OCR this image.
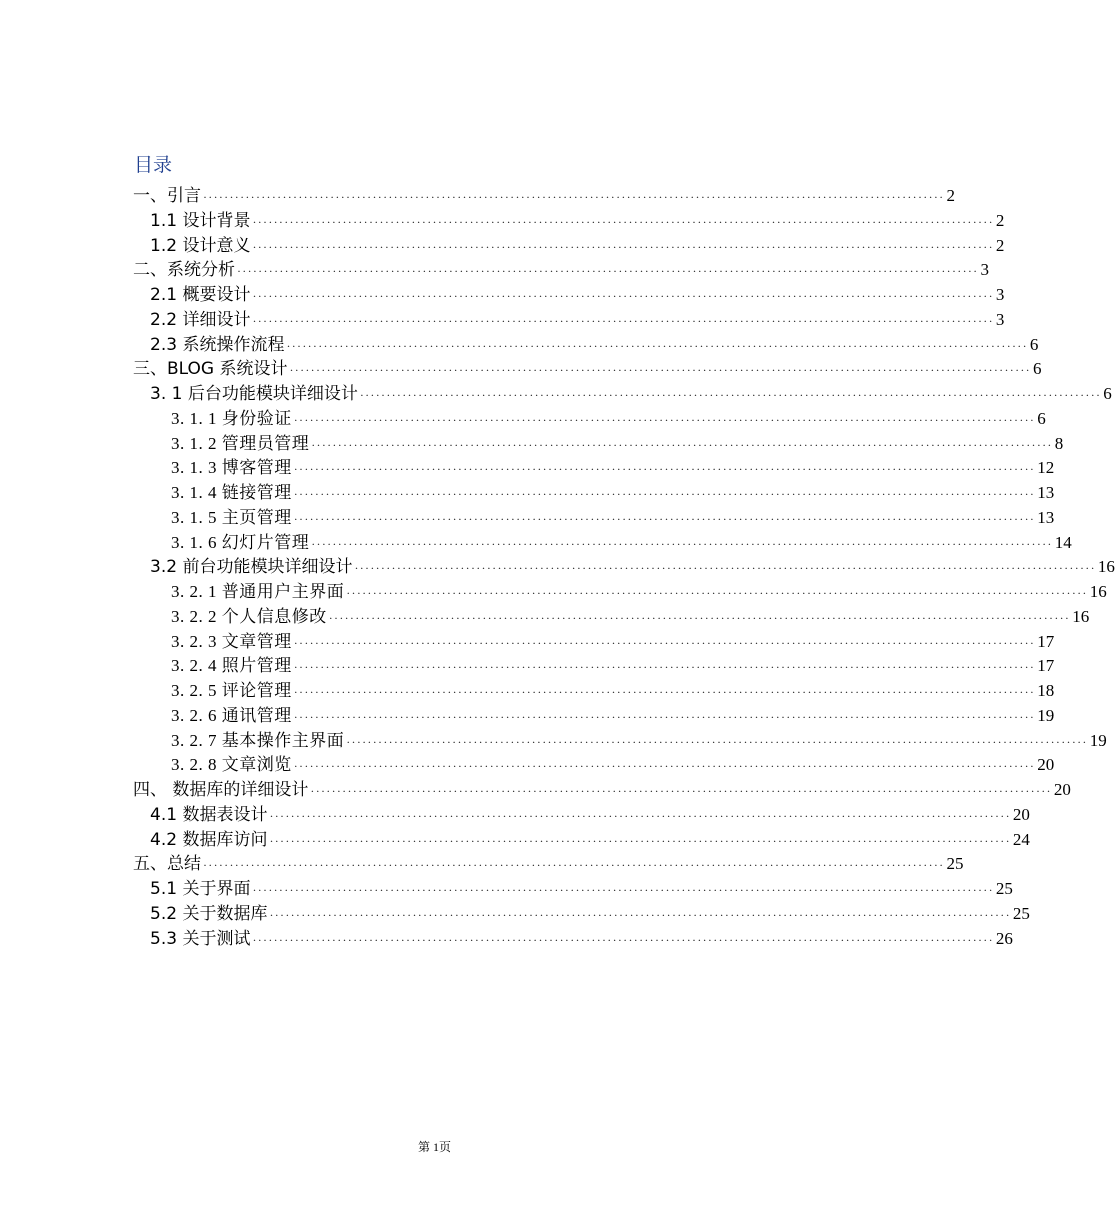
目录
一、引言 ············································································································································ 2
1.1 设计背景 ············································································································································ 2
1.2 设计意义 ············································································································································ 2
二、系统分析 ············································································································································ 3
2.1 概要设计 ············································································································································ 3
2.2 详细设计 ············································································································································ 3
2.3 系统操作流程 ············································································································································ 6
三、BLOG 系统设计 ············································································································································ 6
3. 1 后台功能模块详细设计 ············································································································································ 6
3. 1. 1 身份验证 ············································································································································ 6
3. 1. 2 管理员管理 ············································································································································ 8
3. 1. 3 博客管理 ············································································································································ 12
3. 1. 4 链接管理 ············································································································································ 13
3. 1. 5 主页管理 ············································································································································ 13
3. 1. 6 幻灯片管理 ············································································································································ 14
3.2 前台功能模块详细设计 ············································································································································ 16
3. 2. 1 普通用户主界面 ············································································································································ 16
3. 2. 2 个人信息修改 ············································································································································ 16
3. 2. 3 文章管理 ············································································································································ 17
3. 2. 4 照片管理 ············································································································································ 17
3. 2. 5 评论管理 ············································································································································ 18
3. 2. 6 通讯管理 ············································································································································ 19
3. 2. 7 基本操作主界面 ············································································································································ 19
3. 2. 8 文章浏览 ············································································································································ 20
四、 数据库的详细设计 ············································································································································ 20
4.1 数据表设计 ············································································································································ 20
4.2 数据库访问 ············································································································································ 24
五、总结 ············································································································································ 25
5.1 关于界面 ············································································································································ 25
5.2 关于数据库 ············································································································································ 25
5.3 关于测试 ············································································································································ 26
第 1页
